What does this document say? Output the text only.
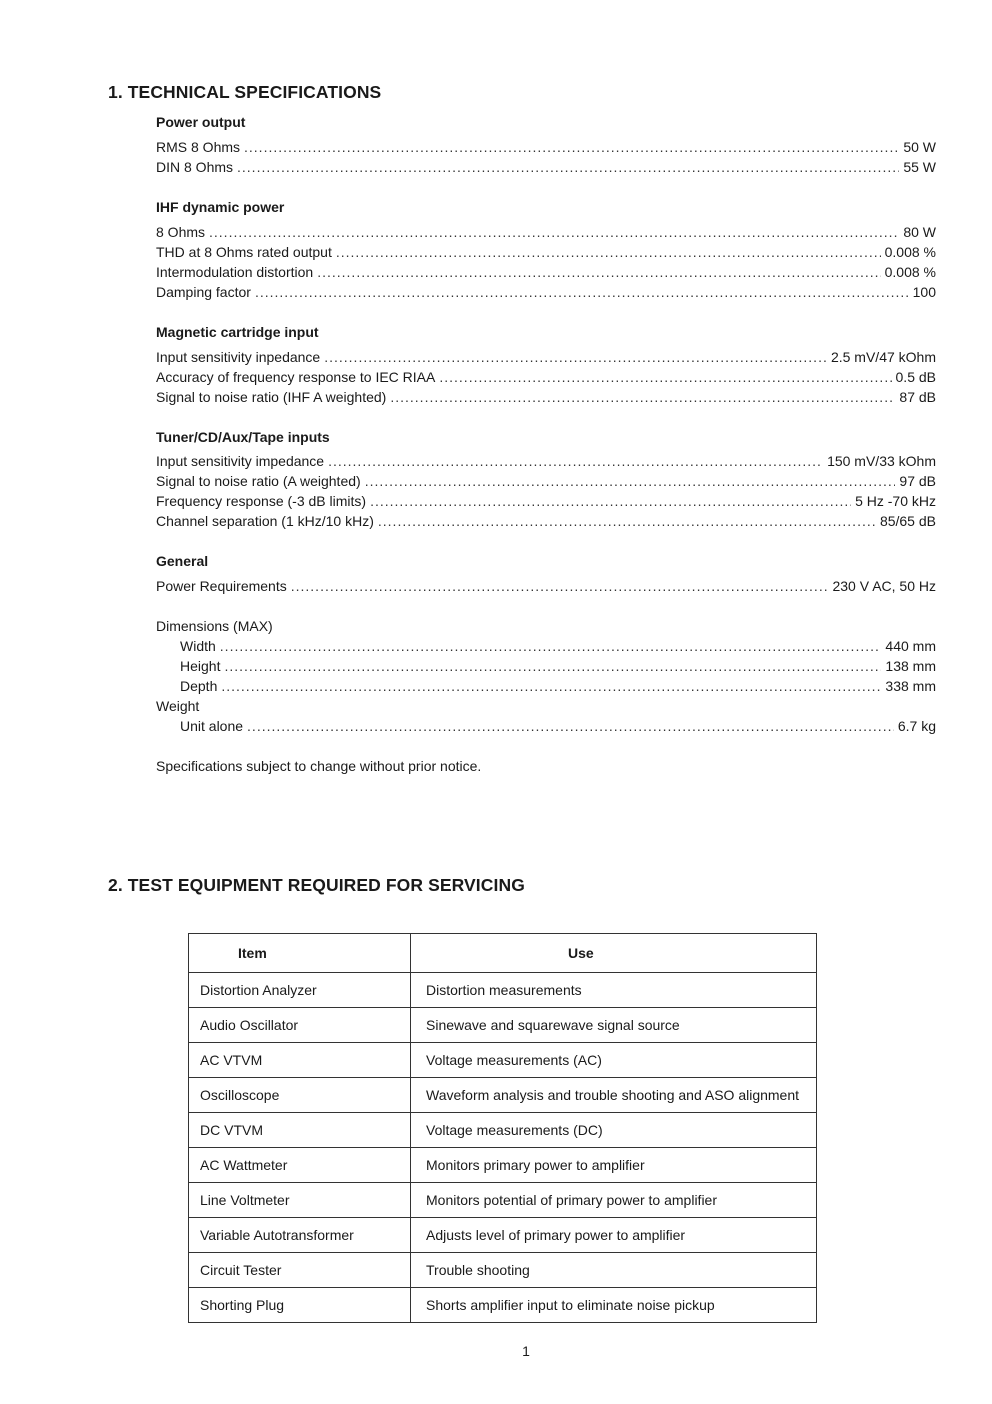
1. TECHNICAL SPECIFICATIONS
Power output
RMS 8 Ohms .....	50 W
DIN 8 Ohms .....	55 W
IHF dynamic power
8 Ohms .....	80 W
THD at 8 Ohms rated output .....	0.008 %
Intermodulation distortion .....	0.008 %
Damping factor .....	100
Magnetic cartridge input
Input sensitivity inpedance .....	2.5 mV/47 kOhm
Accuracy of frequency response to IEC RIAA .....	0.5 dB
Signal to noise ratio (IHF A weighted) .....	87 dB
Tuner/CD/Aux/Tape inputs
Input sensitivity impedance .....	150 mV/33 kOhm
Signal to noise ratio (A weighted) .....	97 dB
Frequency response (-3 dB limits) .....	5 Hz -70 kHz
Channel separation (1 kHz/10 kHz) .....	85/65 dB
General
Power Requirements .....	230 V AC, 50 Hz
Dimensions (MAX)
Width .....	440 mm
Height .....	138 mm
Depth .....	338 mm
Weight
Unit alone .....	6.7 kg
Specifications subject to change without prior notice.
2. TEST EQUIPMENT REQUIRED FOR SERVICING
Item	Use
Distortion Analyzer	Distortion measurements
Audio Oscillator	Sinewave and squarewave signal source
AC VTVM	Voltage measurements (AC)
Oscilloscope	Waveform analysis and trouble shooting and ASO alignment
DC VTVM	Voltage measurements (DC)
AC Wattmeter	Monitors primary power to amplifier
Line Voltmeter	Monitors potential of primary power to amplifier
Variable Autotransformer	Adjusts level of primary power to amplifier
Circuit Tester	Trouble shooting
Shorting Plug	Shorts amplifier input to eliminate noise pickup
1
